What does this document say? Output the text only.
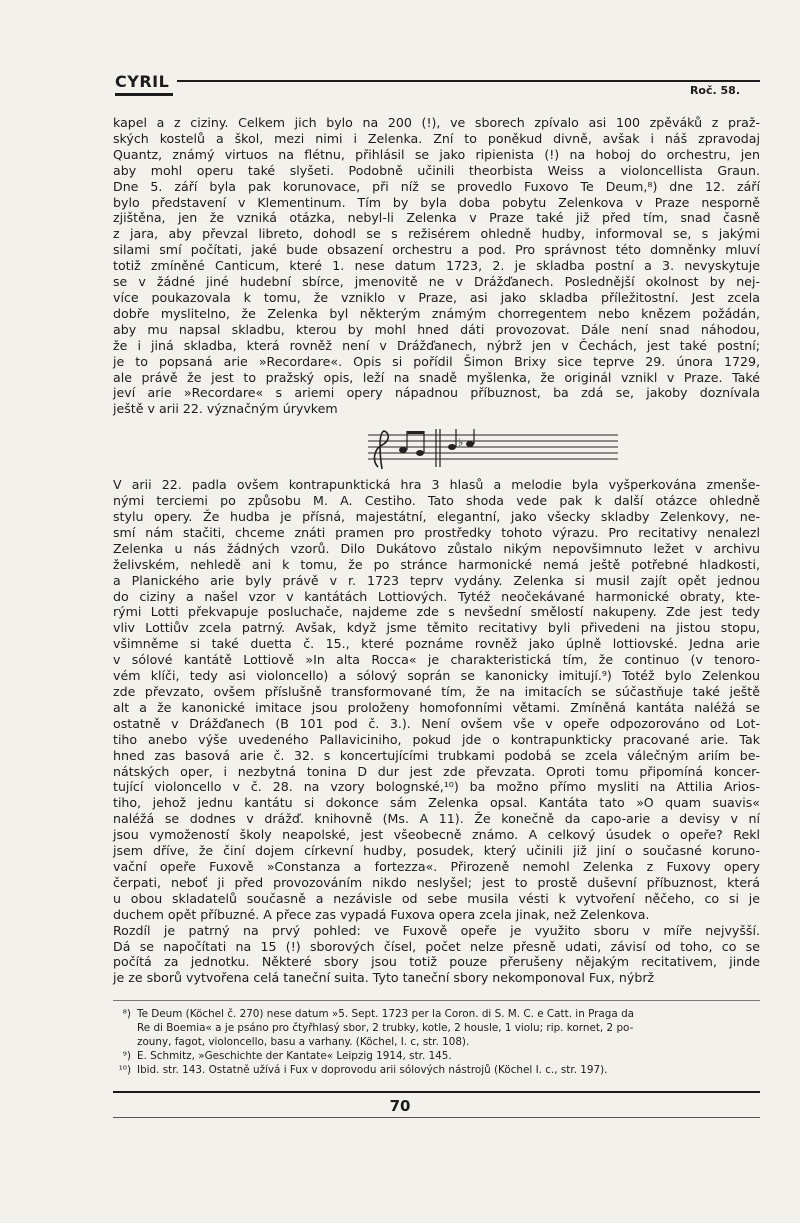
CYRIL	Roč. 58.
kapel a z ciziny. Celkem jich bylo na 200 (!), ve sborech zpívalo asi 100 zpěváků z praž-
ských kostelů a škol, mezi nimi i Zelenka. Zní to poněkud divně, avšak i náš zpravodaj
Quantz, známý virtuos na flétnu, přihlásil se jako ripienista (!) na hoboj do orchestru, jen
aby mohl operu také slyšeti. Podobně učinili theorbista Weiss a violoncellista Graun.
Dne 5. září byla pak korunovace, při níž se provedlo Fuxovo Te Deum,⁸) dne 12. září
bylo představení v Klementinum. Tím by byla doba pobytu Zelenkova v Praze nesporně
zjištěna, jen že vzniká otázka, nebyl-li Zelenka v Praze také již před tím, snad časně
z jara, aby převzal libreto, dohodl se s režisérem ohledně hudby, informoval se, s jakými
silami smí počítati, jaké bude obsazení orchestru a pod. Pro správnost této domněnky mluví
totiž zmíněné Canticum, které 1. nese datum 1723, 2. je skladba postní a 3. nevyskytuje
se v žádné jiné hudební sbírce, jmenovitě ne v Drážďanech. Poslednější okolnost by nej-
více poukazovala k tomu, že vzniklo v Praze, asi jako skladba příležitostní. Jest zcela
dobře myslitelno, že Zelenka byl některým známým chorregentem nebo knězem požádán,
aby mu napsal skladbu, kterou by mohl hned dáti provozovat. Dále není snad náhodou,
že i jiná skladba, která rovněž není v Drážďanech, nýbrž jen v Čechách, jest také postní;
je to popsaná arie »Recordare«. Opis si pořídil Šimon Brixy sice teprve 29. února 1729,
ale právě že jest to pražský opis, leží na snadě myšlenka, že originál vznikl v Praze. Také
jeví arie »Recordare« s ariemi opery nápadnou příbuznost, ba zdá se, jakoby doznívala
ještě v arii 22. význačným úryvkem
♭
V arii 22. padla ovšem kontrapunktická hra 3 hlasů a melodie byla vyšperkována zmenše-
nými terciemi po způsobu M. A. Cestiho. Tato shoda vede pak k další otázce ohledně
stylu opery. Že hudba je přísná, majestátní, elegantní, jako všecky skladby Zelenkovy, ne-
smí nám stačiti, chceme znáti pramen pro prostředky tohoto výrazu. Pro recitativy nenalezl
Zelenka u nás žádných vzorů. Dilo Dukátovo zůstalo nikým nepovšimnuto ležet v archivu
želivském, nehledě ani k tomu, že po stránce harmonické nemá ještě potřebné hladkosti,
a Planického arie byly právě v r. 1723 teprv vydány. Zelenka si musil zajít opět jednou
do ciziny a našel vzor v kantátách Lottiových. Tytéž neočekávané harmonické obraty, kte-
rými Lotti překvapuje posluchače, najdeme zde s nevšední smělostí nakupeny. Zde jest tedy
vliv Lottiův zcela patrný. Avšak, když jsme těmito recitativy byli přivedeni na jistou stopu,
všimněme si také duetta č. 15., které poznáme rovněž jako úplně lottiovské. Jedna arie
v sólové kantátě Lottiově »In alta Rocca« je charakteristická tím, že continuo (v tenoro-
vém klíči, tedy asi violoncello) a sólový soprán se kanonicky imitují.⁹) Totéž bylo Zelenkou
zde převzato, ovšem příslušně transformované tím, že na imitacích se súčastňuje také ještě
alt a že kanonické imitace jsou proloženy homofonními větami. Zmíněná kantáta naléžá se
ostatně v Drážďanech (B 101 pod č. 3.). Není ovšem vše v opeře odpozorováno od Lot-
tiho anebo výše uvedeného Pallaviciniho, pokud jde o kontrapunkticky pracované arie. Tak
hned zas basová arie č. 32. s koncertujícími trubkami podobá se zcela válečným ariím be-
nátských oper, i nezbytná tonina D dur jest zde převzata. Oproti tomu připomíná koncer-
tující violoncello v č. 28. na vzory bolognské,¹⁰) ba možno přímo mysliti na Attilia Arios-
tiho, jehož jednu kantátu si dokonce sám Zelenka opsal. Kantáta tato »O quam suavis«
naléžá se dodnes v drážď. knihovně (Ms. A 11). Že konečně da capo-arie a devisy v ní
jsou vymožeností školy neapolské, jest všeobecně známo. A celkový úsudek o opeře? Rekl
jsem dříve, že činí dojem církevní hudby, posudek, který učinili již jiní o současné koruno-
vační opeře Fuxově »Constanza a fortezza«. Přirozeně nemohl Zelenka z Fuxovy opery
čerpati, neboť ji před provozováním nikdo neslyšel; jest to prostě duševní příbuznost, která
u obou skladatelů současně a nezávisle od sebe musila vésti k vytvoření něčeho, co si je
duchem opět příbuzné. A přece zas vypadá Fuxova opera zcela jinak, než Zelenkova.
Rozdíl je patrný na prvý pohled: ve Fuxově opeře je využito sboru v míře nejvyšší.
Dá se napočítati na 15 (!) sborových čísel, počet nelze přesně udati, závisí od toho, co se
počítá za jednotku. Některé sbory jsou totiž pouze přerušeny nějakým recitativem, jinde
je ze sborů vytvořena celá taneční suita. Tyto taneční sbory nekomponoval Fux, nýbrž

⁸) Te Deum (Köchel č. 270) nese datum »5. Sept. 1723 per la Coron. di S. M. C. e Catt. in Praga da
Re di Boemia« a je psáno pro čtyřhlasý sbor, 2 trubky, kotle, 2 housle, 1 violu; rip. kornet, 2 po-
zouny, fagot, violoncello, basu a varhany. (Köchel, I. c, str. 108).

⁹) E. Schmitz, »Geschichte der Kantate« Leipzig 1914, str. 145.

¹⁰) Ibid. str. 143. Ostatně užívá i Fux v doprovodu arii sólových nástrojů (Köchel I. c., str. 197).

70
